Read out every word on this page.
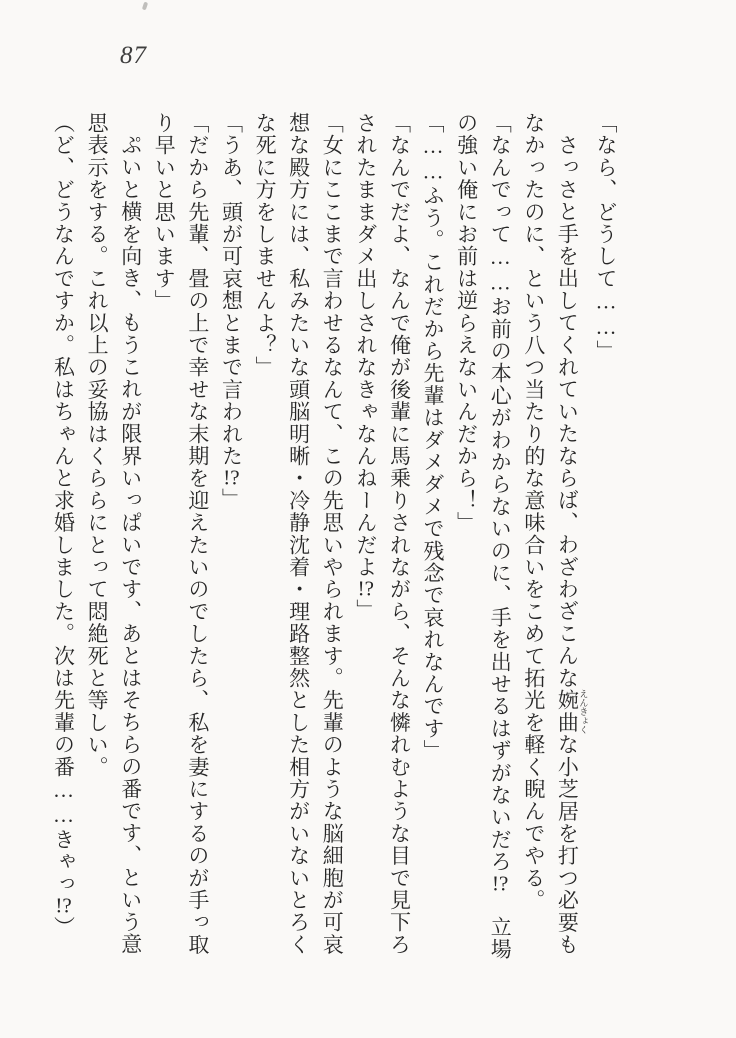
87
「なら、どうして……」
さっさと手を出してくれていたならば、わざわざこんな婉曲 えんきょくな小芝居を打つ必要も
なかったのに、という八つ当たり的な意味合いをこめて拓光を軽く睨んでやる。
「なんでって……お前の本心がわからないのに、手を出せるはずがないだろ!?　立場
の強い俺にお前は逆らえないんだから！」
「……ふう。これだから先輩はダメダメで残念で哀れなんです」
「なんでだよ、なんで俺が後輩に馬乗りされながら、そんな憐れむような目で見下ろ
されたままダメ出しされなきゃなんねーんだよ!?」
「女にここまで言わせるなんて、この先思いやられます。先輩のような脳細胞が可哀
想な殿方には、私みたいな頭脳明晰・冷静沈着・理路整然とした相方がいないとろく
な死に方をしませんよ？」
「うあ、頭が可哀想とまで言われた!?」
「だから先輩、畳の上で幸せな末期を迎えたいのでしたら、私を妻にするのが手っ取
り早いと思います」
ぷいと横を向き、もうこれが限界いっぱいです、あとはそちらの番です、という意
思表示をする。これ以上の妥協はくららにとって悶絶死と等しい。
（ど、どうなんですか。私はちゃんと求婚しました。次は先輩の番……きゃっ!?）
